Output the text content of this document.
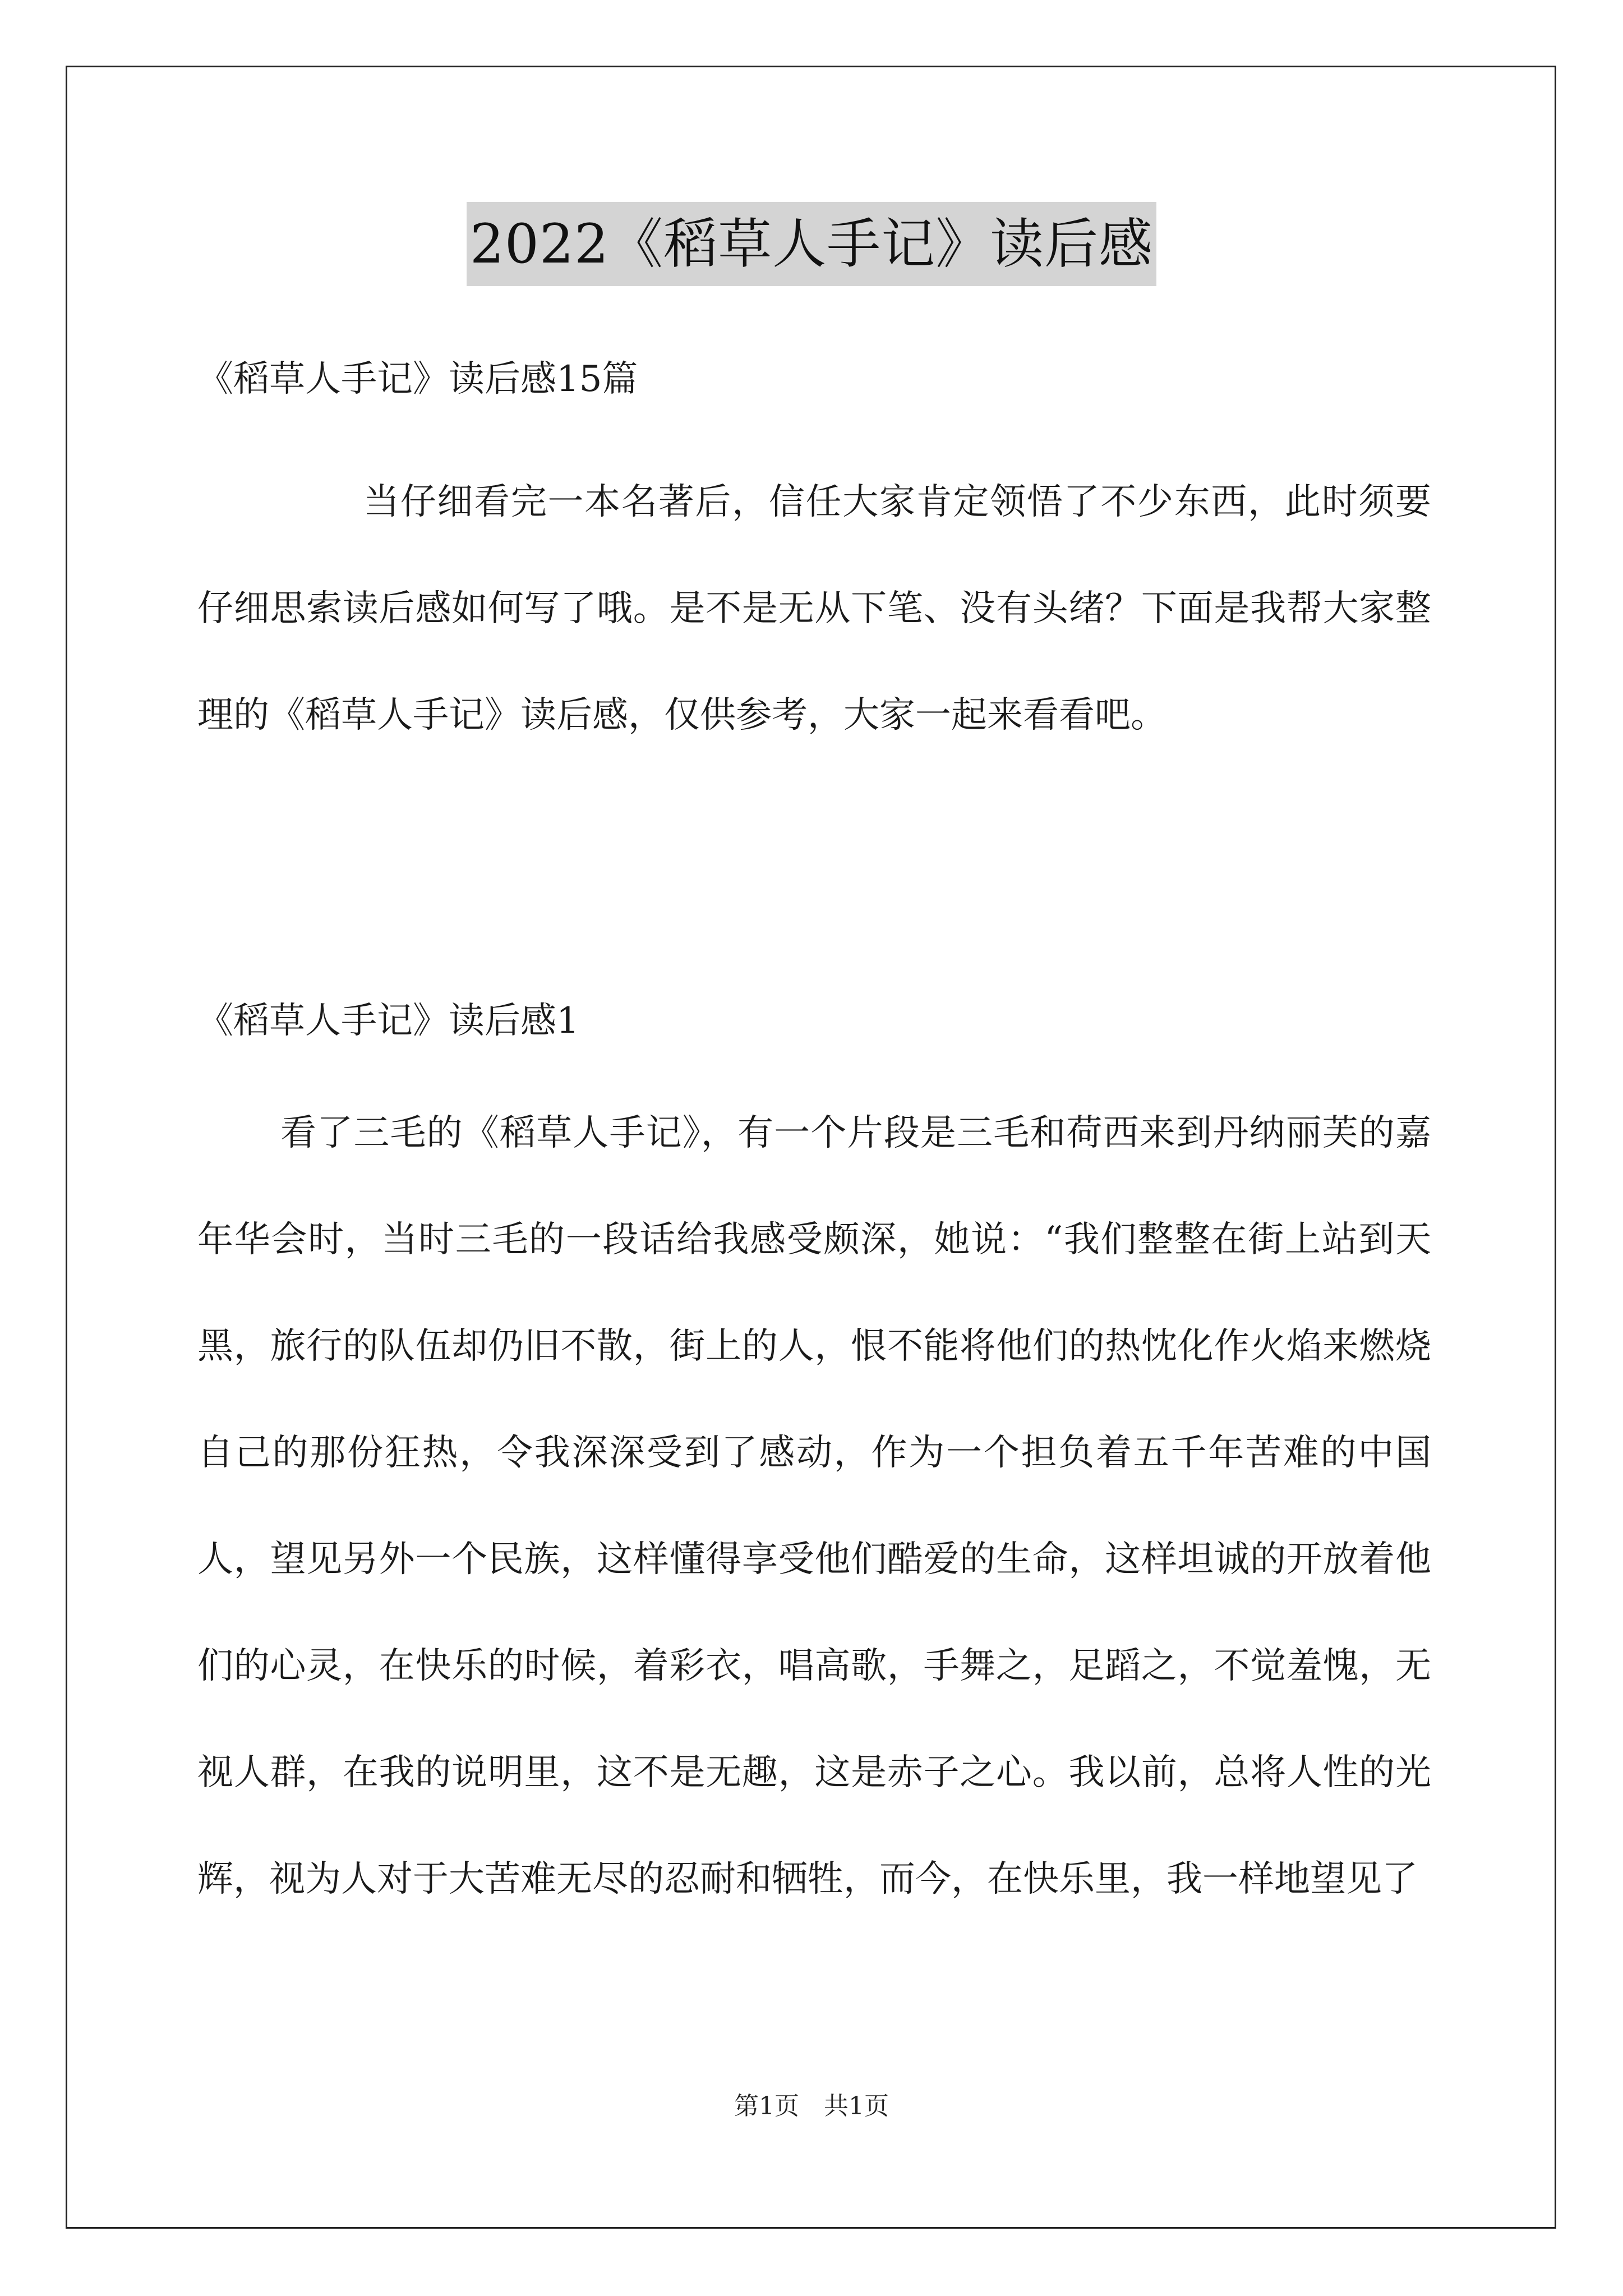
2022《稻草人手记》读后感
《稻草人手记》读后感15篇
当仔细看完一本名著后，信任大家肯定领悟了不少东西，此时须要仔细思索读后感如何写了哦。是不是无从下笔、没有头绪？下面是我帮大家整理的《稻草人手记》读后感，仅供参考，大家一起来看看吧。
《稻草人手记》读后感1
看了三毛的《稻草人手记》，有一个片段是三毛和荷西来到丹纳丽芙的嘉年华会时，当时三毛的一段话给我感受颇深，她说：“我们整整在街上站到天黑，旅行的队伍却仍旧不散，街上的人，恨不能将他们的热忱化作火焰来燃烧自己的那份狂热，令我深深受到了感动，作为一个担负着五千年苦难的中国人，望见另外一个民族，这样懂得享受他们酷爱的生命，这样坦诚的开放着他们的心灵，在快乐的时候，着彩衣，唱高歌，手舞之，足蹈之，不觉羞愧，无视人群，在我的说明里，这不是无趣，这是赤子之心。我以前，总将人性的光辉，视为人对于大苦难无尽的忍耐和牺牲，而今，在快乐里，我一样地望见了
第1页 共1页
